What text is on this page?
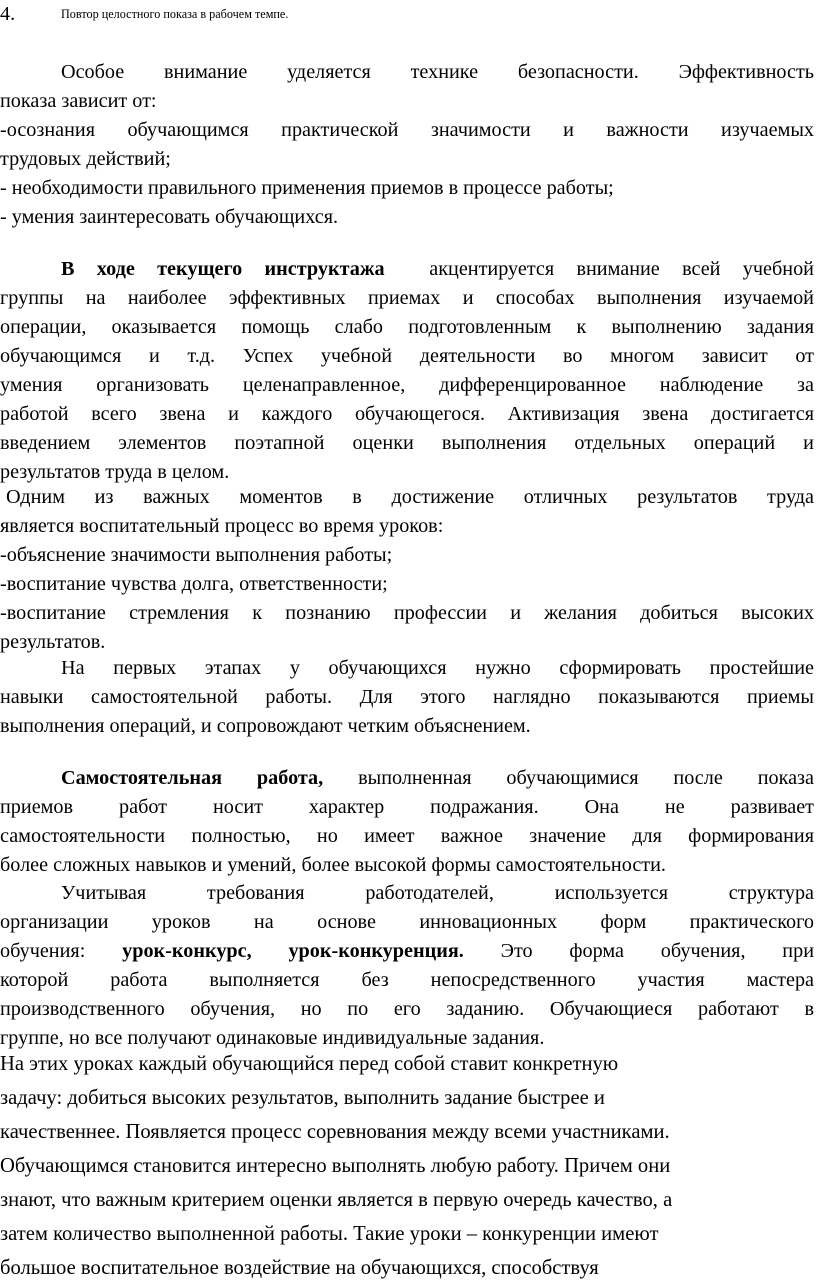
4.	Повтор целостного показа в рабочем темпе.
Особое внимание уделяется технике безопасности. Эффективность
показа зависит от:
-осознания обучающимся практической значимости и важности изучаемых
трудовых действий;
- необходимости правильного применения приемов в процессе работы;
- умения заинтересовать обучающихся.
В ходе текущего инструктажа акцентируется внимание всей учебной
группы на наиболее эффективных приемах и способах выполнения изучаемой
операции, оказывается помощь слабо подготовленным к выполнению задания
обучающимся и т.д. Успех учебной деятельности во многом зависит от
умения организовать целенаправленное, дифференцированное наблюдение за
работой всего звена и каждого обучающегося. Активизация звена достигается
введением элементов поэтапной оценки выполнения отдельных операций и
результатов труда в целом.
Одним из важных моментов в достижение отличных результатов труда
является воспитательный процесс во время уроков:
-объяснение значимости выполнения работы;
-воспитание чувства долга, ответственности;
-воспитание стремления к познанию профессии и желания добиться высоких
результатов.
На первых этапах у обучающихся нужно сформировать простейшие
навыки самостоятельной работы. Для этого наглядно показываются приемы
выполнения операций, и сопровождают четким объяснением.
Самостоятельная работа, выполненная обучающимися после показа
приемов работ носит характер подражания. Она не развивает
самостоятельности полностью, но имеет важное значение для формирования
более сложных навыков и умений, более высокой формы самостоятельности.
Учитывая требования работодателей, используется структура
организации уроков на основе инновационных форм практического
обучения: урок-конкурс, урок-конкуренция. Это форма обучения, при
которой работа выполняется без непосредственного участия мастера
производственного обучения, но по его заданию. Обучающиеся работают в
группе, но все получают одинаковые индивидуальные задания.
На этих уроках каждый обучающийся перед собой ставит конкретную
задачу: добиться высоких результатов, выполнить задание быстрее и
качественнее. Появляется процесс соревнования между всеми участниками.
Обучающимся становится интересно выполнять любую работу. Причем они
знают, что важным критерием оценки является в первую очередь качество, а
затем количество выполненной работы. Такие уроки – конкуренции имеют
большое воспитательное воздействие на обучающихся, способствуя
